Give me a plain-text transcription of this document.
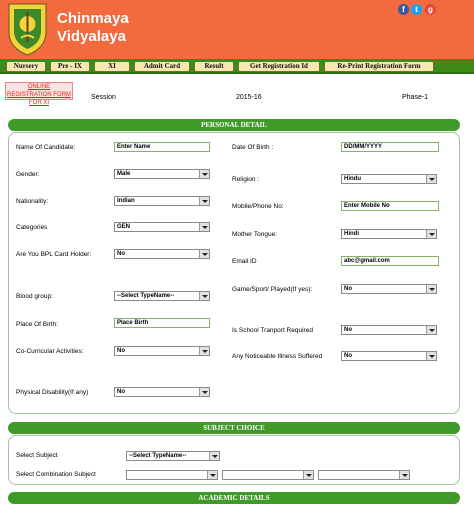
Chinmaya
Vidyalaya
f	t	g
Nursery	Pre - IX	XI	Admit Card	Result	Get Registration Id	Re-Print Registration Form
ONLINE REGISTRATION FORM FOR XI
Session	2015-16	Phase-1
PERSONAL DETAIL
Name Of Candidate:	Enter Name
Gender:	Male
Nationality:	Indian
Categories	GEN
Are You BPL Card Holder:	No
Blood group:	--Select TypeName--
Place Of Birth:	Place Birth
Co-Curricular Activities:	No
Physical Disability(If any)	No
Date Of Birth :	DD/MM/YYYY
Religion :	Hindu
Mobile/Phone No:	Enter Mobile No
Mother Tongue:	Hindi
Email ID	abc@gmail.com
Game/Sport/ Played(If yes):	No
Is School Tranport Required	No
Any Noticeable Illness Suffered	No
SUBJECT CHOICE
Select Subject	--Select TypeName--
Select Combination Subject
ACADEMIC DETAILS
